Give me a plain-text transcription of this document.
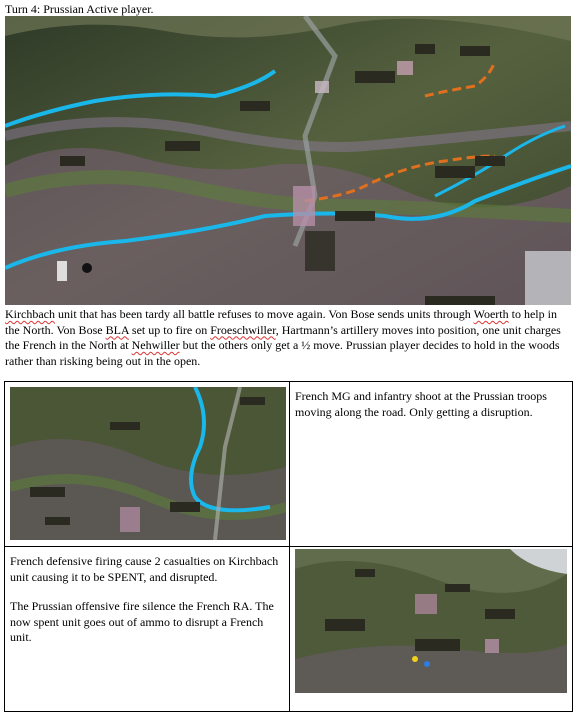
Turn 4: Prussian Active player.
Kirchbach unit that has been tardy all battle refuses to move again. Von Bose sends units through Woerth to help in the North. Von Bose BLA set up to fire on Froeschwiller, Hartmann’s artillery moves into position, one unit charges the French in the North at Nehwiller but the others only get a ½ move. Prussian player decides to hold in the woods rather than risking being out in the open.

French MG and infantry shoot at the Prussian troops moving along the road. Only getting a disruption.

French defensive firing cause 2 casualties on Kirchbach unit causing it to be SPENT, and disrupted.

The Prussian offensive fire silence the French RA. The now spent unit goes out of ammo to disrupt a French unit.
